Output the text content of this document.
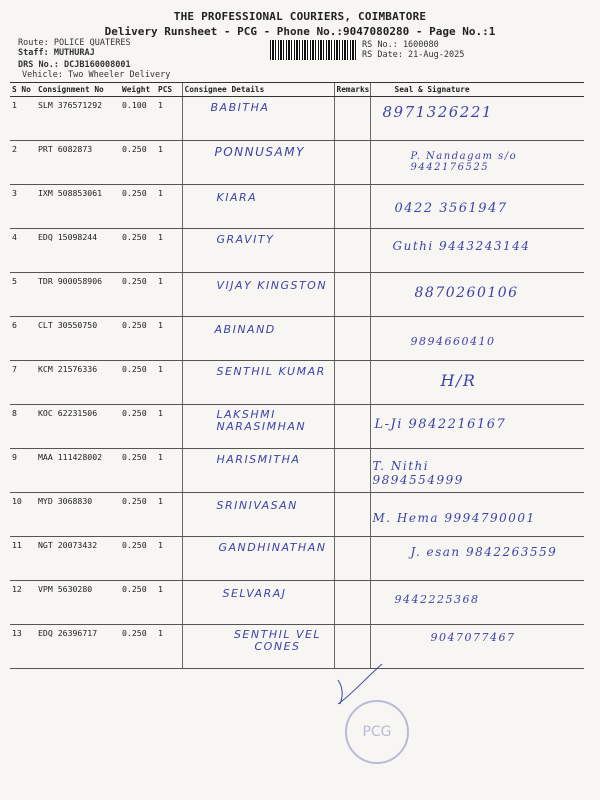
THE PROFESSIONAL COURIERS, COIMBATORE
Delivery Runsheet - PCG - Phone No.:9047080280 - Page No.:1
Route: POLICE QUATERES
Staff: MUTHURAJ
DRS No.: DCJB160008001
Vehicle: Two Wheeler Delivery
RS No.: 1600080
RS Date: 21-Aug-2025
S No	Consignment No	Weight	PCS	Consignee Details	Remarks	Seal & Signature
1	SLM 376571292	0.100	1	BABITHA		8971326221

2	PRT 6082873	0.250	1	PONNUSAMY		P. Nandagam s/o 9442176525

3	IXM 508853061	0.250	1	KIARA		0422 3561947

4	EDQ 15098244	0.250	1	GRAVITY		Guthi 9443243144

5	TDR 900058906	0.250	1	VIJAY KINGSTON		8870260106

6	CLT 30550750	0.250	1	ABINAND		9894660410

7	KCM 21576336	0.250	1	SENTHIL KUMAR		H/R

8	KOC 62231506	0.250	1	LAKSHMI NARASIMHAN		L-Ji 9842216167

9	MAA 111428002	0.250	1	HARISMITHA		T. Nithi 9894554999

10	MYD 3068830	0.250	1	SRINIVASAN		M. Hema 9994790001

11	NGT 20073432	0.250	1	GANDHINATHAN		J. esan 9842263559

12	VPM 5630280	0.250	1	SELVARAJ		9442225368

13	EDQ 26396717	0.250	1	SENTHIL VEL CONES		9047077467
PCG
